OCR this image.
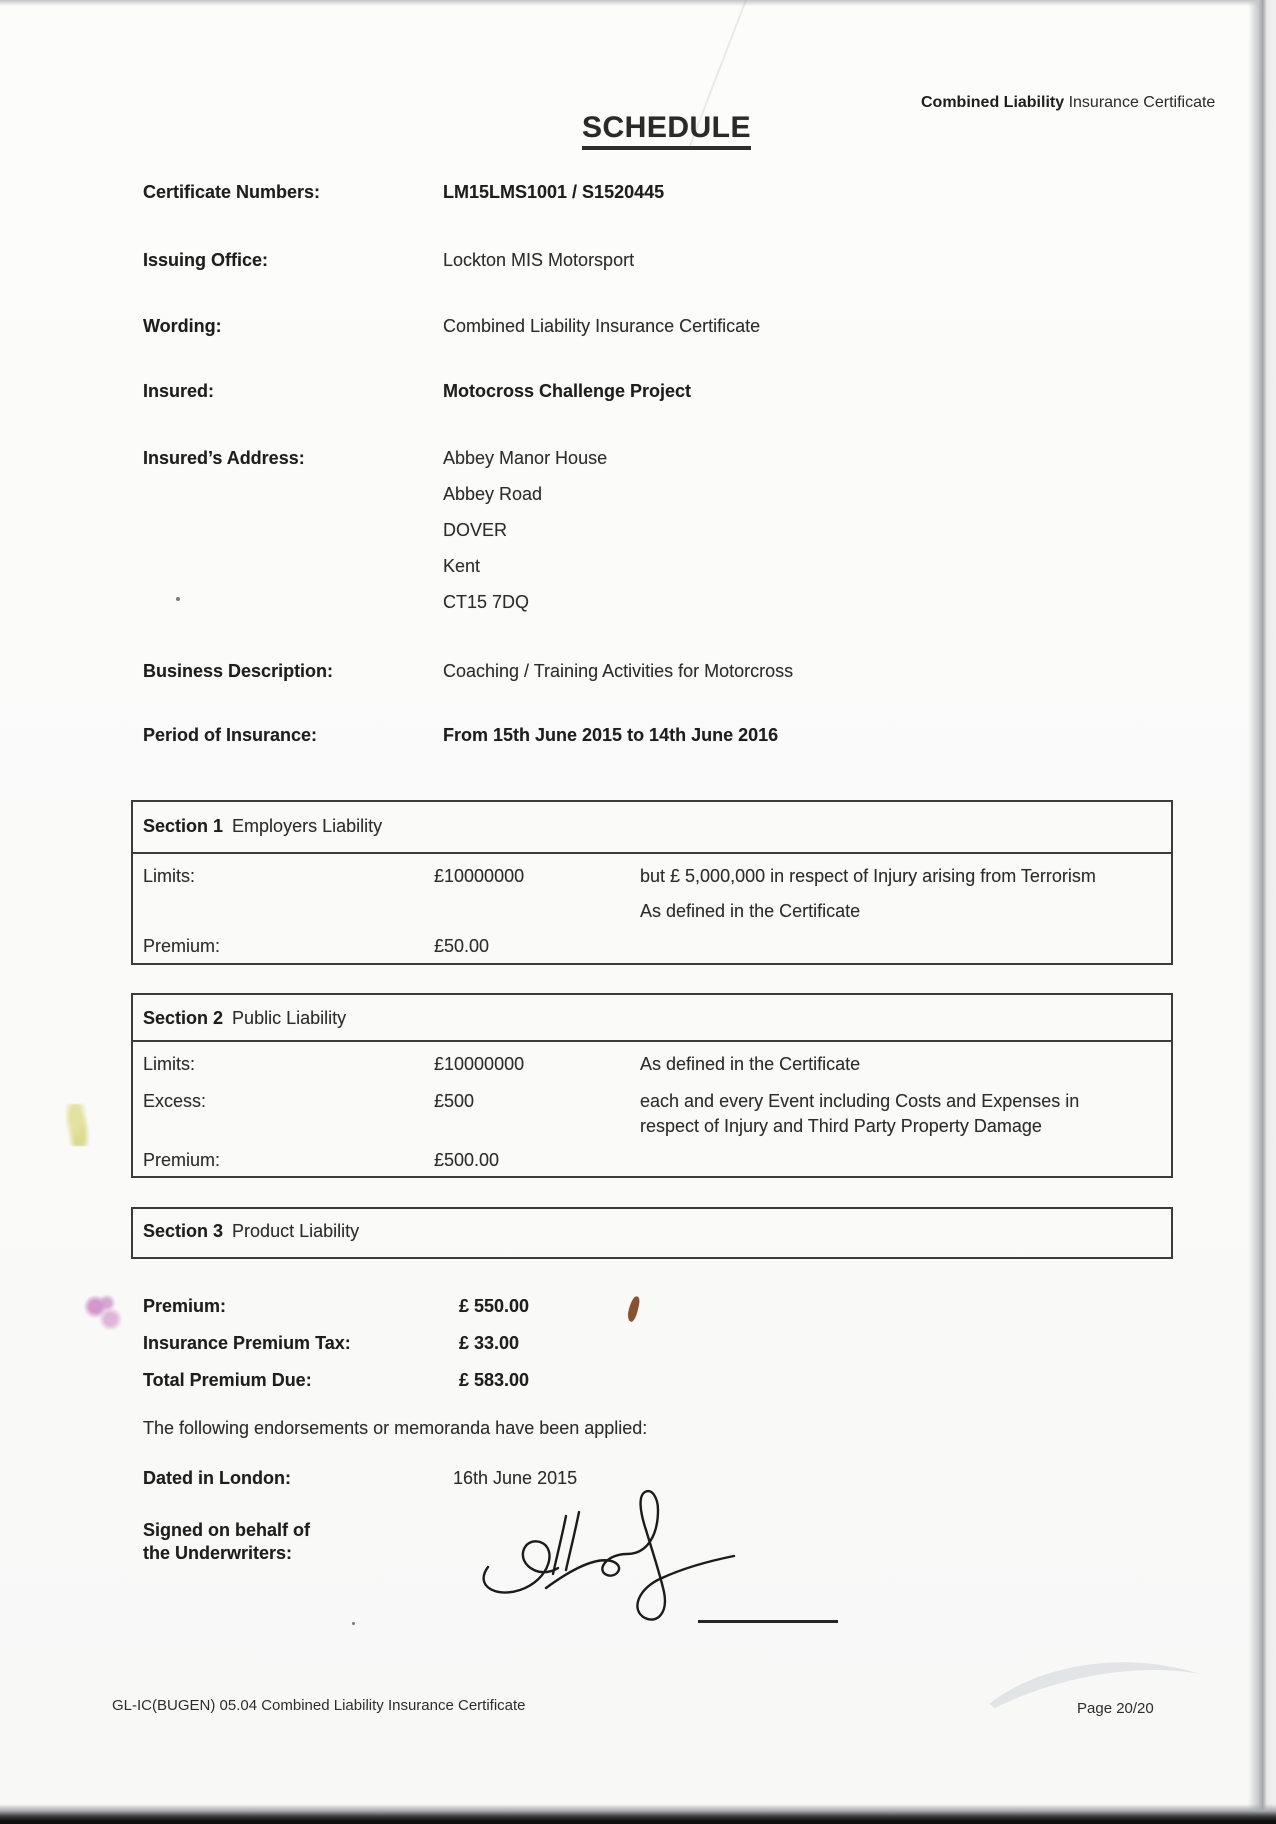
Combined Liability Insurance Certificate
SCHEDULE
Certificate Numbers:	LM15LMS1001 / S1520445
Issuing Office:	Lockton MIS Motorsport
Wording:	Combined Liability Insurance Certificate
Insured:	Motocross Challenge Project
Insured’s Address:	Abbey Manor House
Abbey Road
DOVER
Kent
CT15 7DQ
Business Description:	Coaching / Training Activities for Motorcross
Period of Insurance:	From 15th June 2015 to 14th June 2016
Section 1 Employers Liability
Limits:	£10000000	but £ 5,000,000 in respect of Injury arising from Terrorism
As defined in the Certificate
Premium:	£50.00
Section 2 Public Liability
Limits:	£10000000	As defined in the Certificate
Excess:	£500	each and every Event including Costs and Expenses in
respect of Injury and Third Party Property Damage
Premium:	£500.00
Section 3 Product Liability
Premium:	£ 550.00
Insurance Premium Tax:	£ 33.00
Total Premium Due:	£ 583.00
The following endorsements or memoranda have been applied:
Dated in London:	16th June 2015
Signed on behalf of
the Underwriters:
GL-IC(BUGEN) 05.04 Combined Liability Insurance Certificate	Page 20/20
